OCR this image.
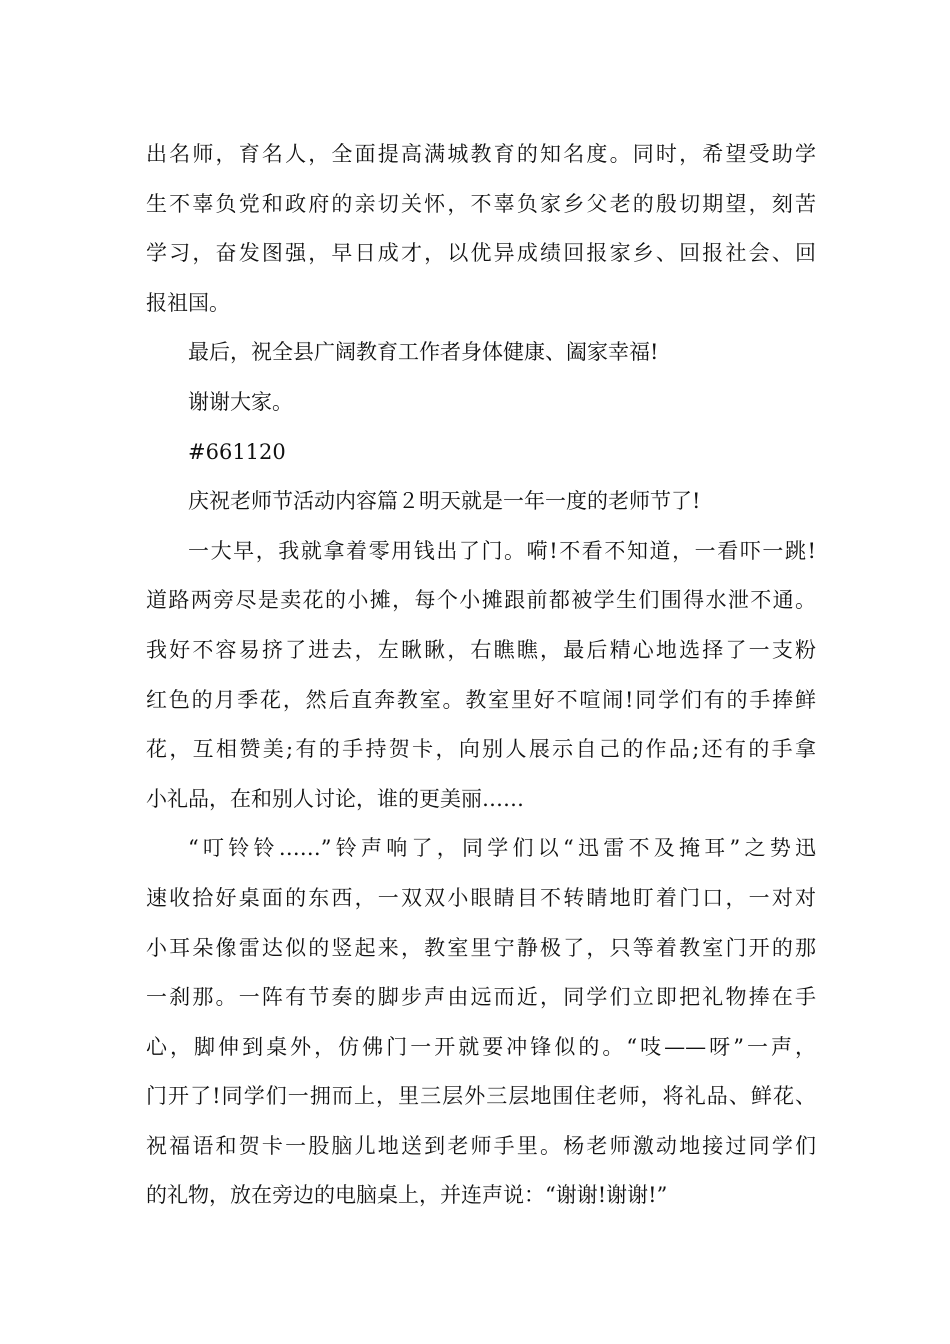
出名师，育名人，全面提高满城教育的知名度。同时，希望受助学
生不辜负党和政府的亲切关怀，不辜负家乡父老的殷切期望，刻苦
学习，奋发图强，早日成才，以优异成绩回报家乡、回报社会、回
报祖国。
最后，祝全县广阔教育工作者身体健康、阖家幸福!
谢谢大家。
#661120
庆祝老师节活动内容篇２明天就是一年一度的老师节了!
一大早，我就拿着零用钱出了门。嗬!不看不知道，一看吓一跳!
道路两旁尽是卖花的小摊，每个小摊跟前都被学生们围得水泄不通。
我好不容易挤了进去，左瞅瞅，右瞧瞧，最后精心地选择了一支粉
红色的月季花，然后直奔教室。教室里好不喧闹!同学们有的手捧鲜
花，互相赞美;有的手持贺卡，向别人展示自己的作品;还有的手拿
小礼品，在和别人讨论，谁的更美丽……
“叮铃铃……”铃声响了，同学们以“迅雷不及掩耳”之势迅
速收拾好桌面的东西，一双双小眼睛目不转睛地盯着门口，一对对
小耳朵像雷达似的竖起来，教室里宁静极了，只等着教室门开的那
一刹那。一阵有节奏的脚步声由远而近，同学们立即把礼物捧在手
心，脚伸到桌外，仿佛门一开就要冲锋似的。“吱——呀”一声，
门开了!同学们一拥而上，里三层外三层地围住老师，将礼品、鲜花、
祝福语和贺卡一股脑儿地送到老师手里。杨老师激动地接过同学们
的礼物，放在旁边的电脑桌上，并连声说：“谢谢!谢谢!”
